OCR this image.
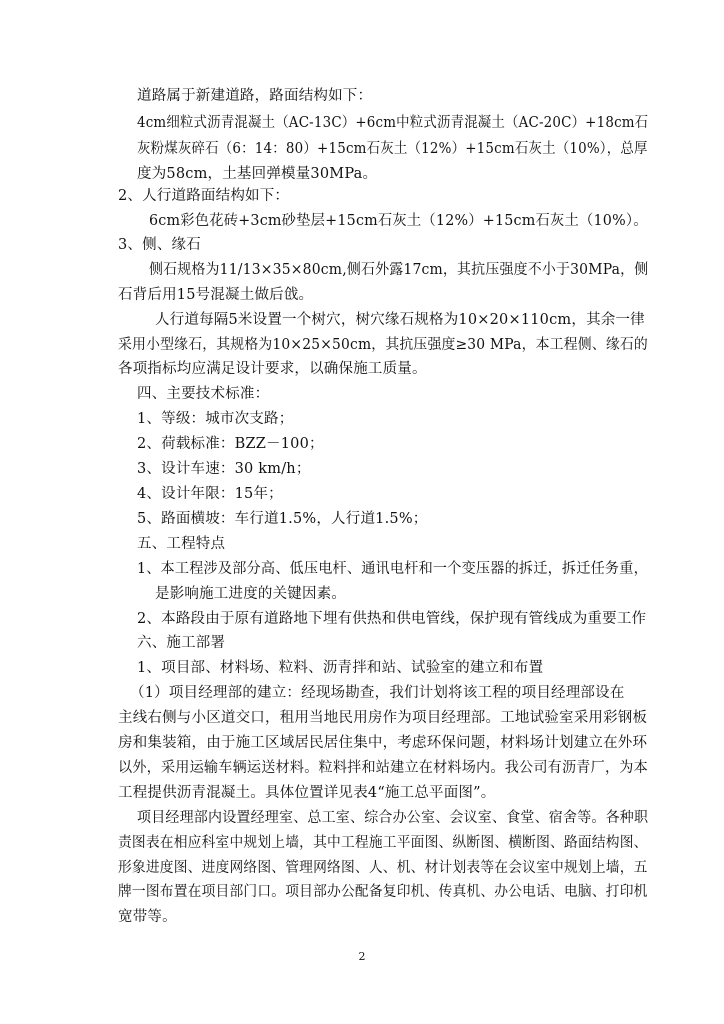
道路属于新建道路，路面结构如下：
4cm细粒式沥青混凝土（AC-13C）+6cm中粒式沥青混凝土（AC-20C）+18cm石
灰粉煤灰碎石（6：14：80）+15cm石灰土（12%）+15cm石灰土（10%），总厚
度为58cm，土基回弹模量30MPa。
2、人行道路面结构如下：
6cm彩色花砖+3cm砂垫层+15cm石灰土（12%）+15cm石灰土（10%）。
3、侧、缘石
侧石规格为11/13×35×80cm,侧石外露17cm，其抗压强度不小于30MPa，侧
石背后用15号混凝土做后戗。
人行道每隔5米设置一个树穴，树穴缘石规格为10×20×110cm，其余一律
采用小型缘石，其规格为10×25×50cm，其抗压强度≥30 MPa，本工程侧、缘石的
各项指标均应满足设计要求，以确保施工质量。
四、主要技术标准：
1、等级：城市次支路；
2、荷载标准：BZZ－100；
3、设计车速：30 km/h；
4、设计年限：15年；
5、路面横坡：车行道1.5%，人行道1.5%；
五、工程特点
1、本工程涉及部分高、低压电杆、通讯电杆和一个变压器的拆迁，拆迁任务重，
是影响施工进度的关键因素。
2、本路段由于原有道路地下埋有供热和供电管线，保护现有管线成为重要工作
六、施工部署
1、项目部、材料场、粒料、沥青拌和站、试验室的建立和布置
（1）项目经理部的建立：经现场勘查，我们计划将该工程的项目经理部设在
主线右侧与小区道交口，租用当地民用房作为项目经理部。工地试验室采用彩钢板
房和集装箱，由于施工区域居民居住集中，考虑环保问题，材料场计划建立在外环
以外，采用运输车辆运送材料。粒料拌和站建立在材料场内。我公司有沥青厂，为本
工程提供沥青混凝土。具体位置详见表4“施工总平面图”。
项目经理部内设置经理室、总工室、综合办公室、会议室、食堂、宿舍等。各种职
责图表在相应科室中规划上墙，其中工程施工平面图、纵断图、横断图、路面结构图、
形象进度图、进度网络图、管理网络图、人、机、材计划表等在会议室中规划上墙，五
牌一图布置在项目部门口。项目部办公配备复印机、传真机、办公电话、电脑、打印机
宽带等。
2
